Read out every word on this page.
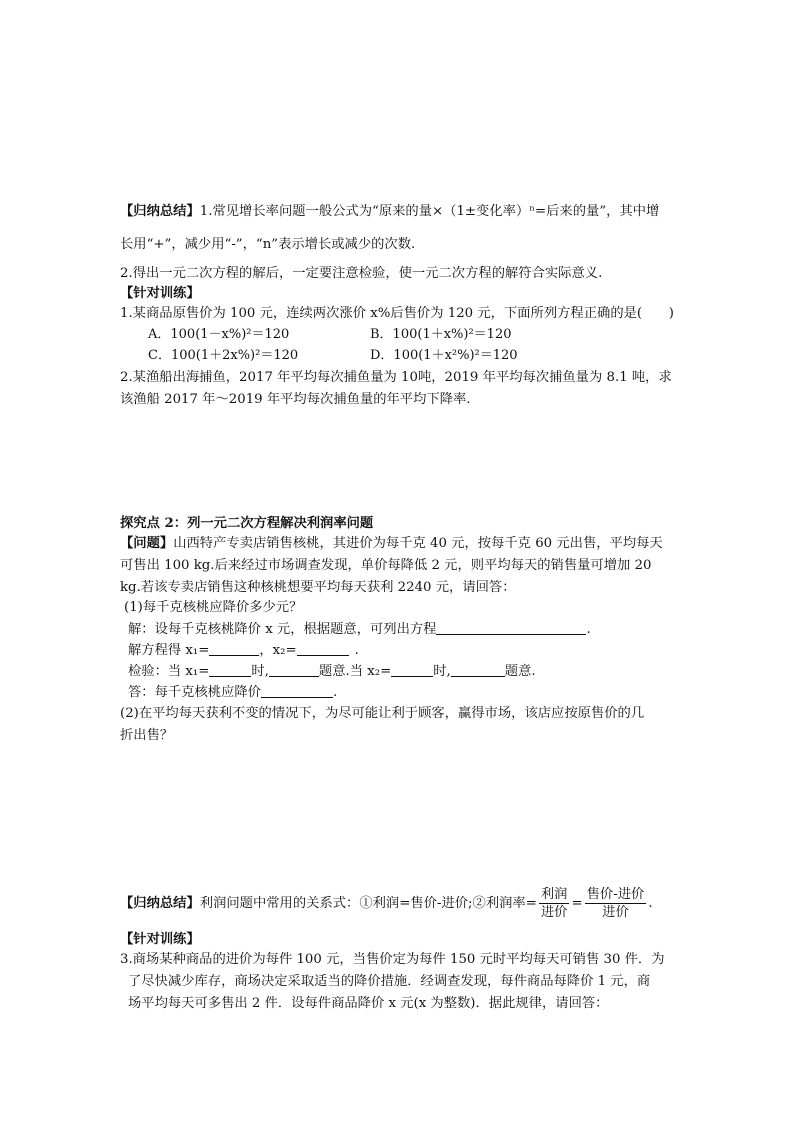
【归纳总结】1.常见增长率问题一般公式为“原来的量×（1±变化率）ⁿ=后来的量”，其中增
长用“+”，减少用“-”，“n”表示增长或减少的次数.
2.得出一元二次方程的解后，一定要注意检验，使一元二次方程的解符合实际意义.
【针对训练】
1.某商品原售价为 100 元，连续两次涨价 x%后售价为 120 元，下面所列方程正确的是(　　)
A．100(1－x%)²＝120	B．100(1＋x%)²＝120
C．100(1＋2x%)²＝120	D．100(1＋x²%)²＝120
2.某渔船出海捕鱼，2017 年平均每次捕鱼量为 10吨，2019 年平均每次捕鱼量为 8.1 吨，求
该渔船 2017 年～2019 年平均每次捕鱼量的年平均下降率.
探究点 2：列一元二次方程解决利润率问题
【问题】山西特产专卖店销售核桃，其进价为每千克 40 元，按每千克 60 元出售，平均每天
可售出 100 kg.后来经过市场调查发现，单价每降低 2 元，则平均每天的销售量可增加 20
kg.若该专卖店销售这种核桃想要平均每天获利 2240 元，请回答：
(1)每千克核桃应降价多少元？
解：设每千克核桃降价 x 元，根据题意，可列出方程	.
解方程得 x₁=	，x₂=	.
检验：当 x₁=	时,	题意.当 x₂=	时,	题意.
答：每千克核桃应降价	.
(2)在平均每天获利不变的情况下，为尽可能让利于顾客，赢得市场，该店应按原售价的几
折出售？
【归纳总结】利润问题中常用的关系式：①利润=售价-进价;②利润率= $\frac{\text{利润}}{\text{进价}} = \frac{\text{售价-进价}}{\text{进价}}$ .
【针对训练】
3.商场某种商品的进价为每件 100 元，当售价定为每件 150 元时平均每天可销售 30 件．为
了尽快减少库存，商场决定采取适当的降价措施．经调查发现，每件商品每降价 1 元，商
场平均每天可多售出 2 件．设每件商品降价 x 元(x 为整数)．据此规律，请回答：
